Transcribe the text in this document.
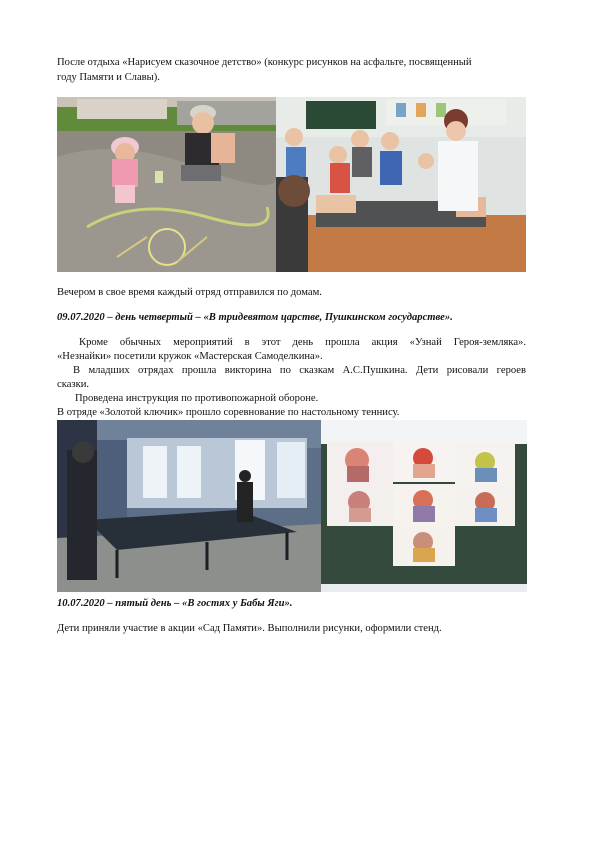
После отдыха «Нарисуем сказочное детство» (конкурс рисунков на асфальте, посвященный
году Памяти и Славы).
Вечером в свое время каждый отряд отправился по домам.
09.07.2020 – день четвертый – «В тридевятом царстве, Пушкинском государстве».
Кроме обычных мероприятий в этот день прошла акция «Узнай Героя-земляка».
«Незнайки» посетили кружок «Мастерская Самоделкина».
В младших отрядах прошла викторина по сказкам А.С.Пушкина. Дети рисовали героев
сказки.
Проведена инструкция по противопожарной обороне.
В отряде «Золотой ключик» прошло соревнование по настольному теннису.
10.07.2020 – пятый день – «В гостях у Бабы Яги».
Дети приняли участие в акции «Сад Памяти». Выполнили рисунки, оформили стенд.
